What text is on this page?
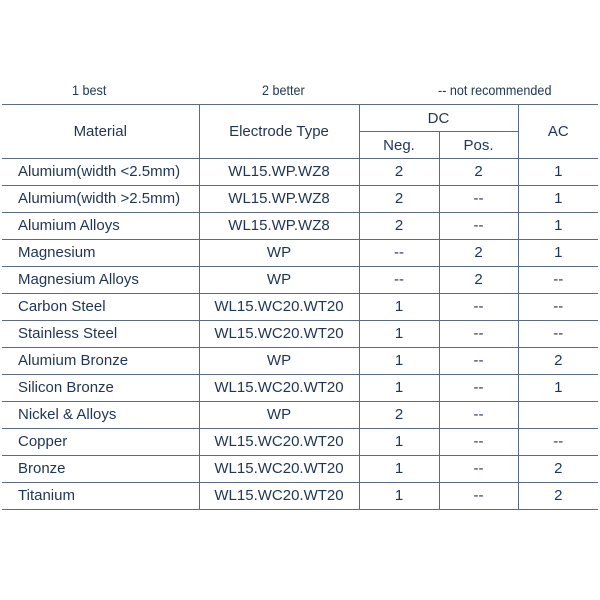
1 best	2 better	-- not recommended
Material	Electrode Type	DC		AC
		Neg.	Pos.	
Alumium(width <2.5mm)	WL15.WP.WZ8	2	2	1
Alumium(width >2.5mm)	WL15.WP.WZ8	2	--	1
Alumium Alloys	WL15.WP.WZ8	2	--	1
Magnesium	WP	--	2	1
Magnesium Alloys	WP	--	2	--
Carbon Steel	WL15.WC20.WT20	1	--	--
Stainless Steel	WL15.WC20.WT20	1	--	--
Alumium Bronze	WP	1	--	2
Silicon Bronze	WL15.WC20.WT20	1	--	1
Nickel & Alloys	WP	2	--	
Copper	WL15.WC20.WT20	1	--	--
Bronze	WL15.WC20.WT20	1	--	2
Titanium	WL15.WC20.WT20	1	--	2
